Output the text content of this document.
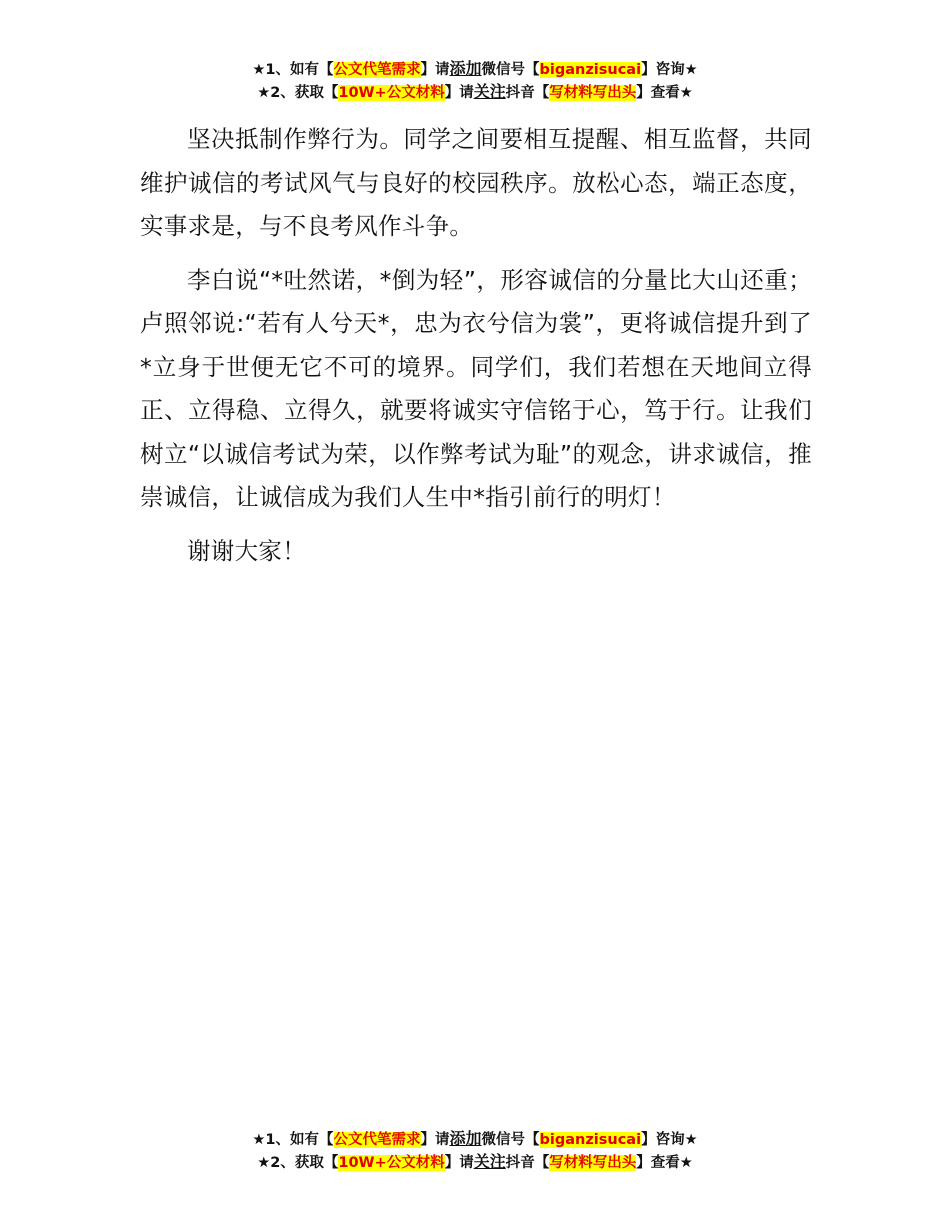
★1、如有【公文代笔需求】请添加微信号【biganzisucai】咨询★
★2、获取【10W+公文材料】请关注抖音【写材料写出头】查看★

坚决抵制作弊行为。同学之间要相互提醒、相互监督，共同维护诚信的考试风气与良好的校园秩序。放松心态，端正态度，实事求是，与不良考风作斗争。

李白说“*吐然诺，*倒为轻”，形容诚信的分量比大山还重；卢照邻说:“若有人兮天*，忠为衣兮信为裳”，更将诚信提升到了*立身于世便无它不可的境界。同学们，我们若想在天地间立得正、立得稳、立得久，就要将诚实守信铭于心，笃于行。让我们树立“以诚信考试为荣，以作弊考试为耻”的观念，讲求诚信，推崇诚信，让诚信成为我们人生中*指引前行的明灯！

谢谢大家！

★1、如有【公文代笔需求】请添加微信号【biganzisucai】咨询★
★2、获取【10W+公文材料】请关注抖音【写材料写出头】查看★
